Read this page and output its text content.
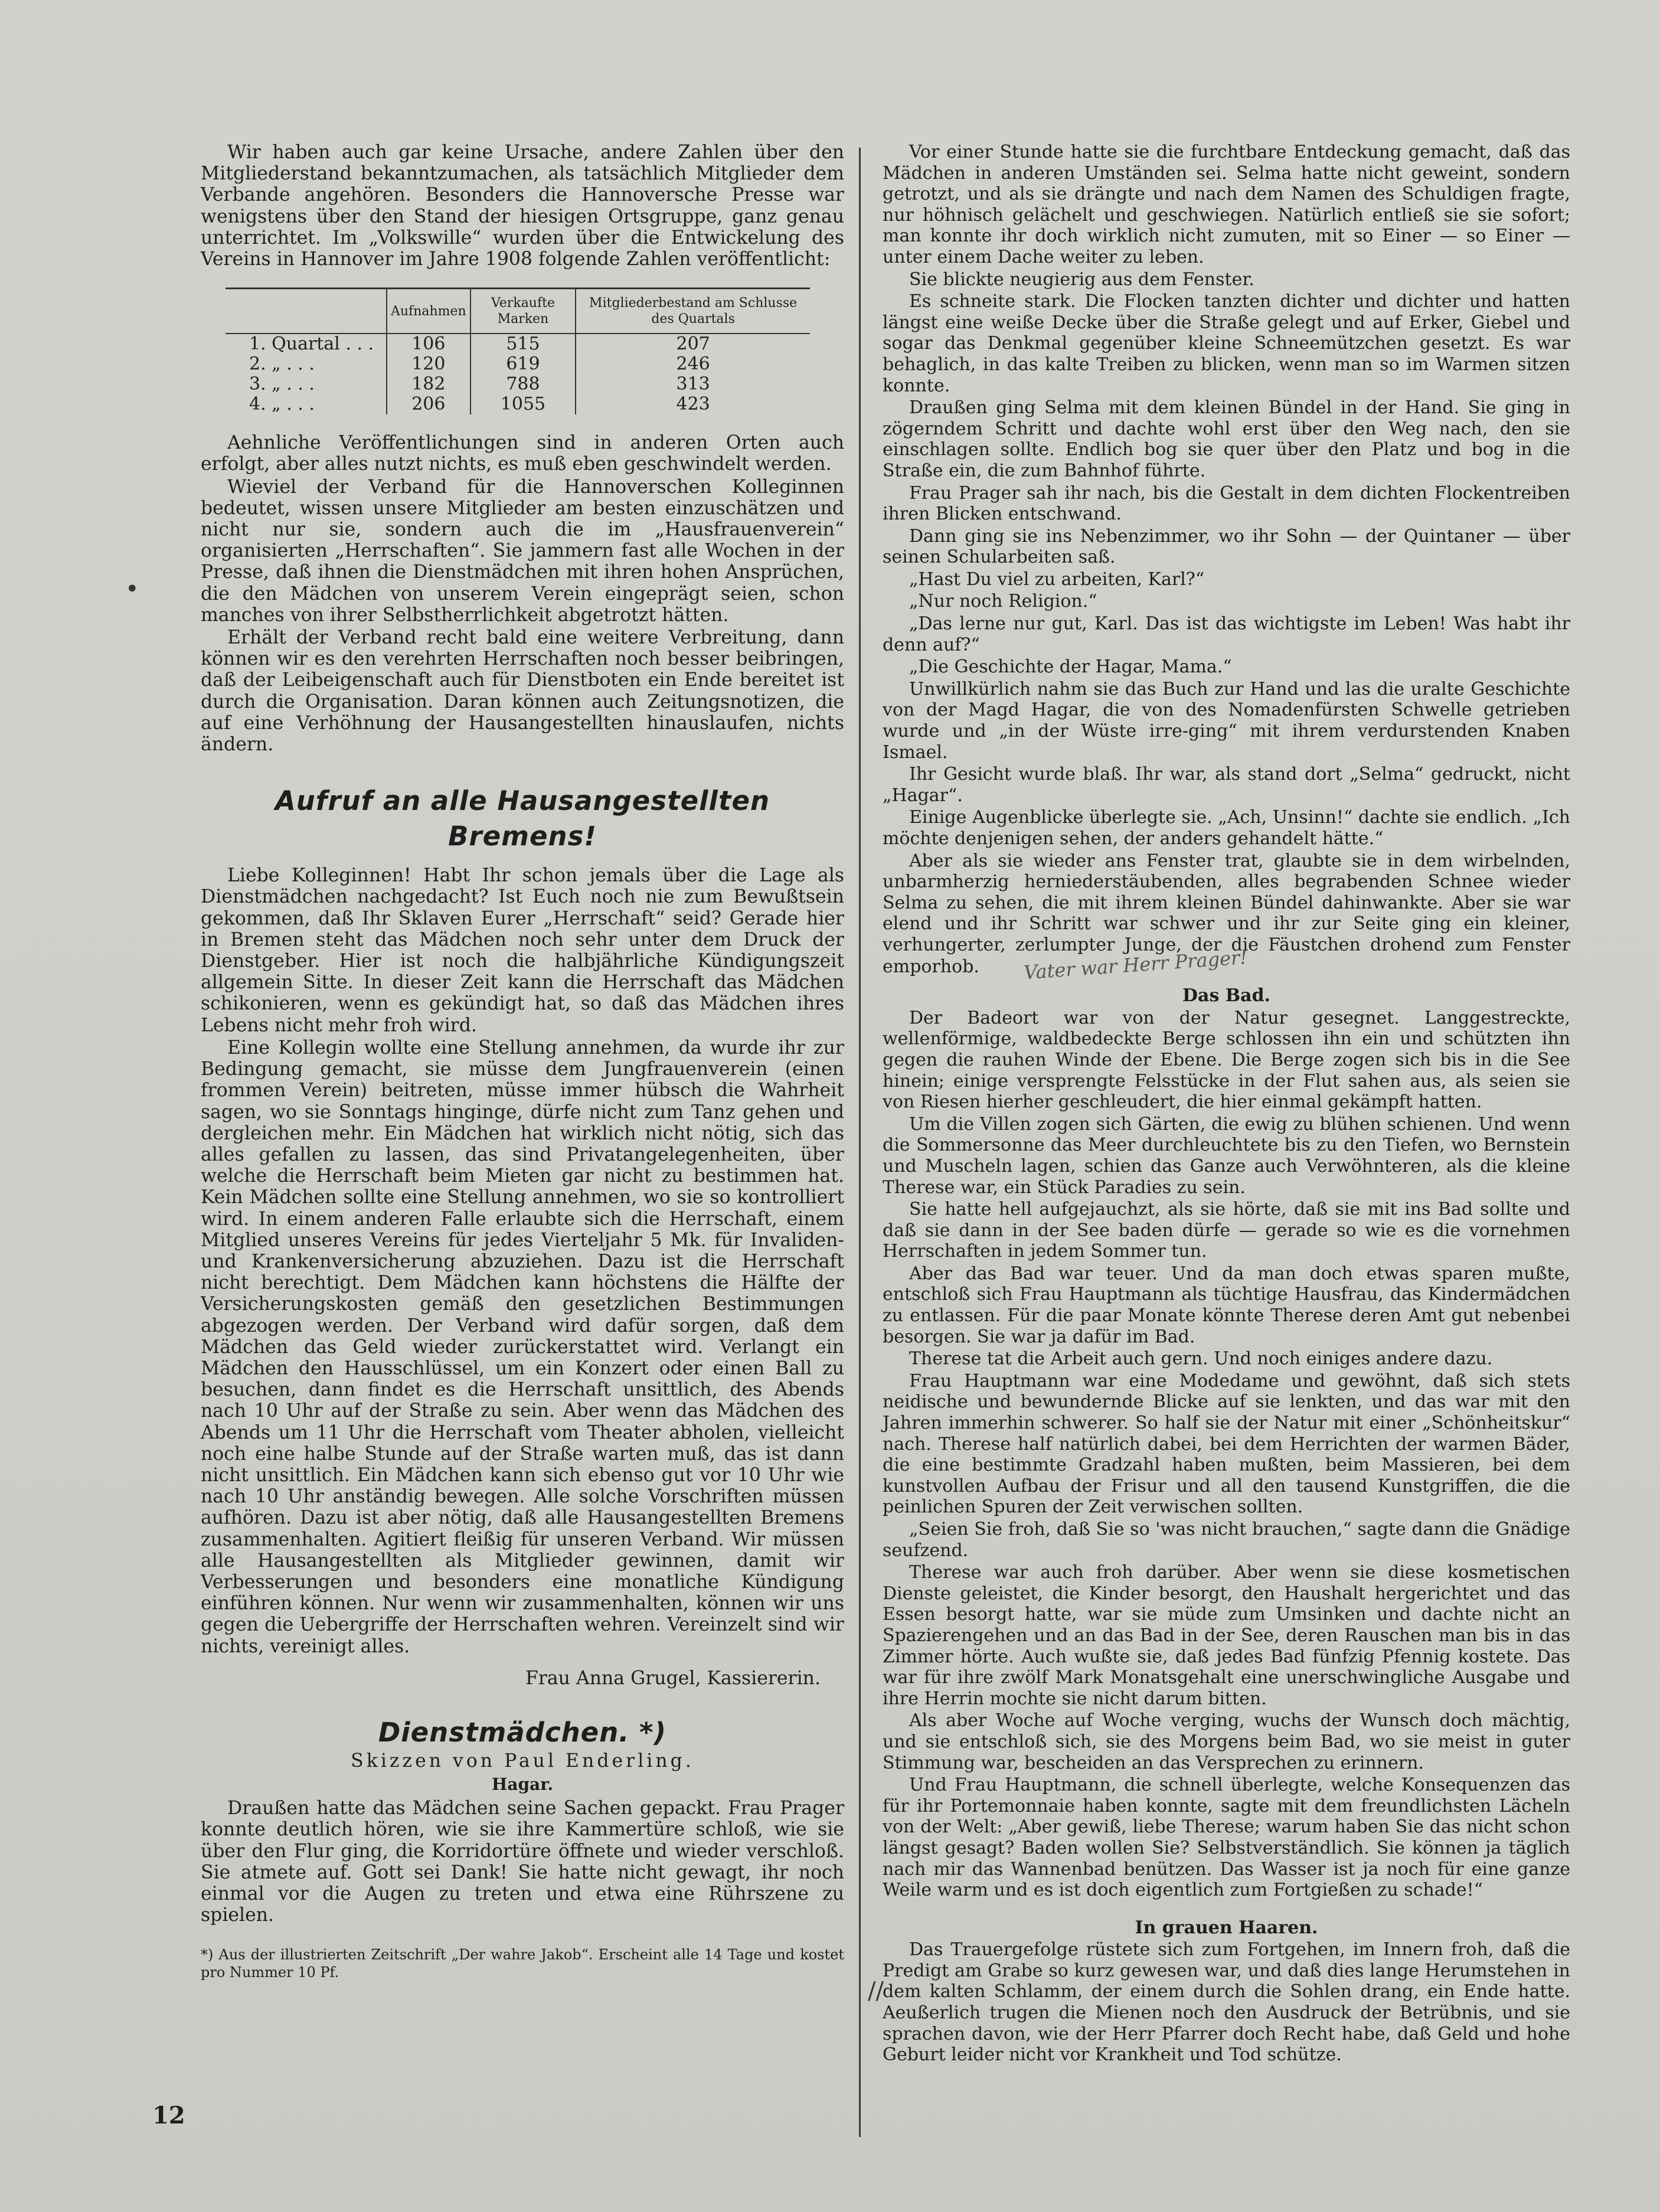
Wir haben auch gar keine Ursache, andere Zahlen über den Mitgliederstand bekanntzumachen, als tatsächlich Mitglieder dem Verbande angehören. Besonders die Hannoversche Presse war wenigstens über den Stand der hiesigen Ortsgruppe, ganz genau unterrichtet. Im „Volkswille“ wurden über die Entwickelung des Vereins in Hannover im Jahre 1908 folgende Zahlen veröffentlicht:

	Aufnahmen	Verkaufte Marken	Mitgliederbestand am Schlusse des Quartals
1. Quartal . . .	106	515	207
2. „ . . .	120	619	246
3. „ . . .	182	788	313
4. „ . . .	206	1055	423

Aehnliche Veröffentlichungen sind in anderen Orten auch erfolgt, aber alles nutzt nichts, es muß eben geschwindelt werden.

Wieviel der Verband für die Hannoverschen Kolleginnen bedeutet, wissen unsere Mitglieder am besten einzuschätzen und nicht nur sie, sondern auch die im „Hausfrauenverein“ organisierten „Herrschaften“. Sie jammern fast alle Wochen in der Presse, daß ihnen die Dienstmädchen mit ihren hohen Ansprüchen, die den Mädchen von unserem Verein eingeprägt seien, schon manches von ihrer Selbstherrlichkeit abgetrotzt hätten.

Erhält der Verband recht bald eine weitere Verbreitung, dann können wir es den verehrten Herrschaften noch besser beibringen, daß der Leibeigenschaft auch für Dienstboten ein Ende bereitet ist durch die Organisation. Daran können auch Zeitungsnotizen, die auf eine Verhöhnung der Hausangestellten hinauslaufen, nichts ändern.

Aufruf an alle Hausangestellten Bremens!

Liebe Kolleginnen! Habt Ihr schon jemals über die Lage als Dienstmädchen nachgedacht? Ist Euch noch nie zum Bewußtsein gekommen, daß Ihr Sklaven Eurer „Herrschaft“ seid? Gerade hier in Bremen steht das Mädchen noch sehr unter dem Druck der Dienstgeber. Hier ist noch die halbjährliche Kündigungszeit allgemein Sitte. In dieser Zeit kann die Herrschaft das Mädchen schikonieren, wenn es gekündigt hat, so daß das Mädchen ihres Lebens nicht mehr froh wird.

Eine Kollegin wollte eine Stellung annehmen, da wurde ihr zur Bedingung gemacht, sie müsse dem Jungfrauenverein (einen frommen Verein) beitreten, müsse immer hübsch die Wahrheit sagen, wo sie Sonntags hinginge, dürfe nicht zum Tanz gehen und dergleichen mehr. Ein Mädchen hat wirklich nicht nötig, sich das alles gefallen zu lassen, das sind Privatangelegenheiten, über welche die Herrschaft beim Mieten gar nicht zu bestimmen hat. Kein Mädchen sollte eine Stellung annehmen, wo sie so kontrolliert wird. In einem anderen Falle erlaubte sich die Herrschaft, einem Mitglied unseres Vereins für jedes Vierteljahr 5 Mk. für Invaliden- und Krankenversicherung abzuziehen. Dazu ist die Herrschaft nicht berechtigt. Dem Mädchen kann höchstens die Hälfte der Versicherungskosten gemäß den gesetzlichen Bestimmungen abgezogen werden. Der Verband wird dafür sorgen, daß dem Mädchen das Geld wieder zurückerstattet wird. Verlangt ein Mädchen den Hausschlüssel, um ein Konzert oder einen Ball zu besuchen, dann findet es die Herrschaft unsittlich, des Abends nach 10 Uhr auf der Straße zu sein. Aber wenn das Mädchen des Abends um 11 Uhr die Herrschaft vom Theater abholen, vielleicht noch eine halbe Stunde auf der Straße warten muß, das ist dann nicht unsittlich. Ein Mädchen kann sich ebenso gut vor 10 Uhr wie nach 10 Uhr anständig bewegen. Alle solche Vorschriften müssen aufhören. Dazu ist aber nötig, daß alle Hausangestellten Bremens zusammenhalten. Agitiert fleißig für unseren Verband. Wir müssen alle Hausangestellten als Mitglieder gewinnen, damit wir Verbesserungen und besonders eine monatliche Kündigung einführen können. Nur wenn wir zusammenhalten, können wir uns gegen die Uebergriffe der Herrschaften wehren. Vereinzelt sind wir nichts, vereinigt alles.

Frau Anna Grugel, Kassiererin.

Dienstmädchen. *)

Skizzen von Paul Enderling.

Hagar.

Draußen hatte das Mädchen seine Sachen gepackt. Frau Prager konnte deutlich hören, wie sie ihre Kammertüre schloß, wie sie über den Flur ging, die Korridortüre öffnete und wieder verschloß. Sie atmete auf. Gott sei Dank! Sie hatte nicht gewagt, ihr noch einmal vor die Augen zu treten und etwa eine Rührszene zu spielen.

*) Aus der illustrierten Zeitschrift „Der wahre Jakob“. Erscheint alle 14 Tage und kostet pro Nummer 10 Pf.

Vor einer Stunde hatte sie die furchtbare Entdeckung gemacht, daß das Mädchen in anderen Umständen sei. Selma hatte nicht geweint, sondern getrotzt, und als sie drängte und nach dem Namen des Schuldigen fragte, nur höhnisch gelächelt und geschwiegen. Natürlich entließ sie sie sofort; man konnte ihr doch wirklich nicht zumuten, mit so Einer — so Einer — unter einem Dache weiter zu leben.

Sie blickte neugierig aus dem Fenster.

Es schneite stark. Die Flocken tanzten dichter und dichter und hatten längst eine weiße Decke über die Straße gelegt und auf Erker, Giebel und sogar das Denkmal gegenüber kleine Schneemützchen gesetzt. Es war behaglich, in das kalte Treiben zu blicken, wenn man so im Warmen sitzen konnte.

Draußen ging Selma mit dem kleinen Bündel in der Hand. Sie ging in zögerndem Schritt und dachte wohl erst über den Weg nach, den sie einschlagen sollte. Endlich bog sie quer über den Platz und bog in die Straße ein, die zum Bahnhof führte.

Frau Prager sah ihr nach, bis die Gestalt in dem dichten Flockentreiben ihren Blicken entschwand.

Dann ging sie ins Nebenzimmer, wo ihr Sohn — der Quintaner — über seinen Schularbeiten saß.

„Hast Du viel zu arbeiten, Karl?“

„Nur noch Religion.“

„Das lerne nur gut, Karl. Das ist das wichtigste im Leben! Was habt ihr denn auf?“

„Die Geschichte der Hagar, Mama.“

Unwillkürlich nahm sie das Buch zur Hand und las die uralte Geschichte von der Magd Hagar, die von des Nomadenfürsten Schwelle getrieben wurde und „in der Wüste irre-ging“ mit ihrem verdurstenden Knaben Ismael.

Ihr Gesicht wurde blaß. Ihr war, als stand dort „Selma“ gedruckt, nicht „Hagar“.

Einige Augenblicke überlegte sie. „Ach, Unsinn!“ dachte sie endlich. „Ich möchte denjenigen sehen, der anders gehandelt hätte.“

Aber als sie wieder ans Fenster trat, glaubte sie in dem wirbelnden, unbarmherzig herniederstäubenden, alles begrabenden Schnee wieder Selma zu sehen, die mit ihrem kleinen Bündel dahinwankte. Aber sie war elend und ihr Schritt war schwer und ihr zur Seite ging ein kleiner, verhungerter, zerlumpter Junge, der die Fäustchen drohend zum Fenster emporhob. Vater war Herr Prager!

Das Bad.

Der Badeort war von der Natur gesegnet. Langgestreckte, wellenförmige, waldbedeckte Berge schlossen ihn ein und schützten ihn gegen die rauhen Winde der Ebene. Die Berge zogen sich bis in die See hinein; einige versprengte Felsstücke in der Flut sahen aus, als seien sie von Riesen hierher geschleudert, die hier einmal gekämpft hatten.

Um die Villen zogen sich Gärten, die ewig zu blühen schienen. Und wenn die Sommersonne das Meer durchleuchtete bis zu den Tiefen, wo Bernstein und Muscheln lagen, schien das Ganze auch Verwöhnteren, als die kleine Therese war, ein Stück Paradies zu sein.

Sie hatte hell aufgejauchzt, als sie hörte, daß sie mit ins Bad sollte und daß sie dann in der See baden dürfe — gerade so wie es die vornehmen Herrschaften in jedem Sommer tun.

Aber das Bad war teuer. Und da man doch etwas sparen mußte, entschloß sich Frau Hauptmann als tüchtige Hausfrau, das Kindermädchen zu entlassen. Für die paar Monate könnte Therese deren Amt gut nebenbei besorgen. Sie war ja dafür im Bad.

Therese tat die Arbeit auch gern. Und noch einiges andere dazu.

Frau Hauptmann war eine Modedame und gewöhnt, daß sich stets neidische und bewundernde Blicke auf sie lenkten, und das war mit den Jahren immerhin schwerer. So half sie der Natur mit einer „Schönheitskur“ nach. Therese half natürlich dabei, bei dem Herrichten der warmen Bäder, die eine bestimmte Gradzahl haben mußten, beim Massieren, bei dem kunstvollen Aufbau der Frisur und all den tausend Kunstgriffen, die die peinlichen Spuren der Zeit verwischen sollten.

„Seien Sie froh, daß Sie so 'was nicht brauchen,“ sagte dann die Gnädige seufzend.

Therese war auch froh darüber. Aber wenn sie diese kosmetischen Dienste geleistet, die Kinder besorgt, den Haushalt hergerichtet und das Essen besorgt hatte, war sie müde zum Umsinken und dachte nicht an Spazierengehen und an das Bad in der See, deren Rauschen man bis in das Zimmer hörte. Auch wußte sie, daß jedes Bad fünfzig Pfennig kostete. Das war für ihre zwölf Mark Monatsgehalt eine unerschwingliche Ausgabe und ihre Herrin mochte sie nicht darum bitten.

Als aber Woche auf Woche verging, wuchs der Wunsch doch mächtig, und sie entschloß sich, sie des Morgens beim Bad, wo sie meist in guter Stimmung war, bescheiden an das Versprechen zu erinnern.

Und Frau Hauptmann, die schnell überlegte, welche Konsequenzen das für ihr Portemonnaie haben konnte, sagte mit dem freundlichsten Lächeln von der Welt: „Aber gewiß, liebe Therese; warum haben Sie das nicht schon längst gesagt? Baden wollen Sie? Selbstverständlich. Sie können ja täglich nach mir das Wannenbad benützen. Das Wasser ist ja noch für eine ganze Weile warm und es ist doch eigentlich zum Fortgießen zu schade!“

In grauen Haaren.

Das Trauergefolge rüstete sich zum Fortgehen, im Innern froh, daß die Predigt am Grabe so kurz gewesen war, und daß dies lange Herumstehen in dem kalten Schlamm, der einem durch die Sohlen drang, ein Ende hatte. Aeußerlich trugen die Mienen noch den Ausdruck der Betrübnis, und sie sprachen davon, wie der Herr Pfarrer doch Recht habe, daß Geld und hohe Geburt leider nicht vor Krankheit und Tod schütze.

•
//
12
